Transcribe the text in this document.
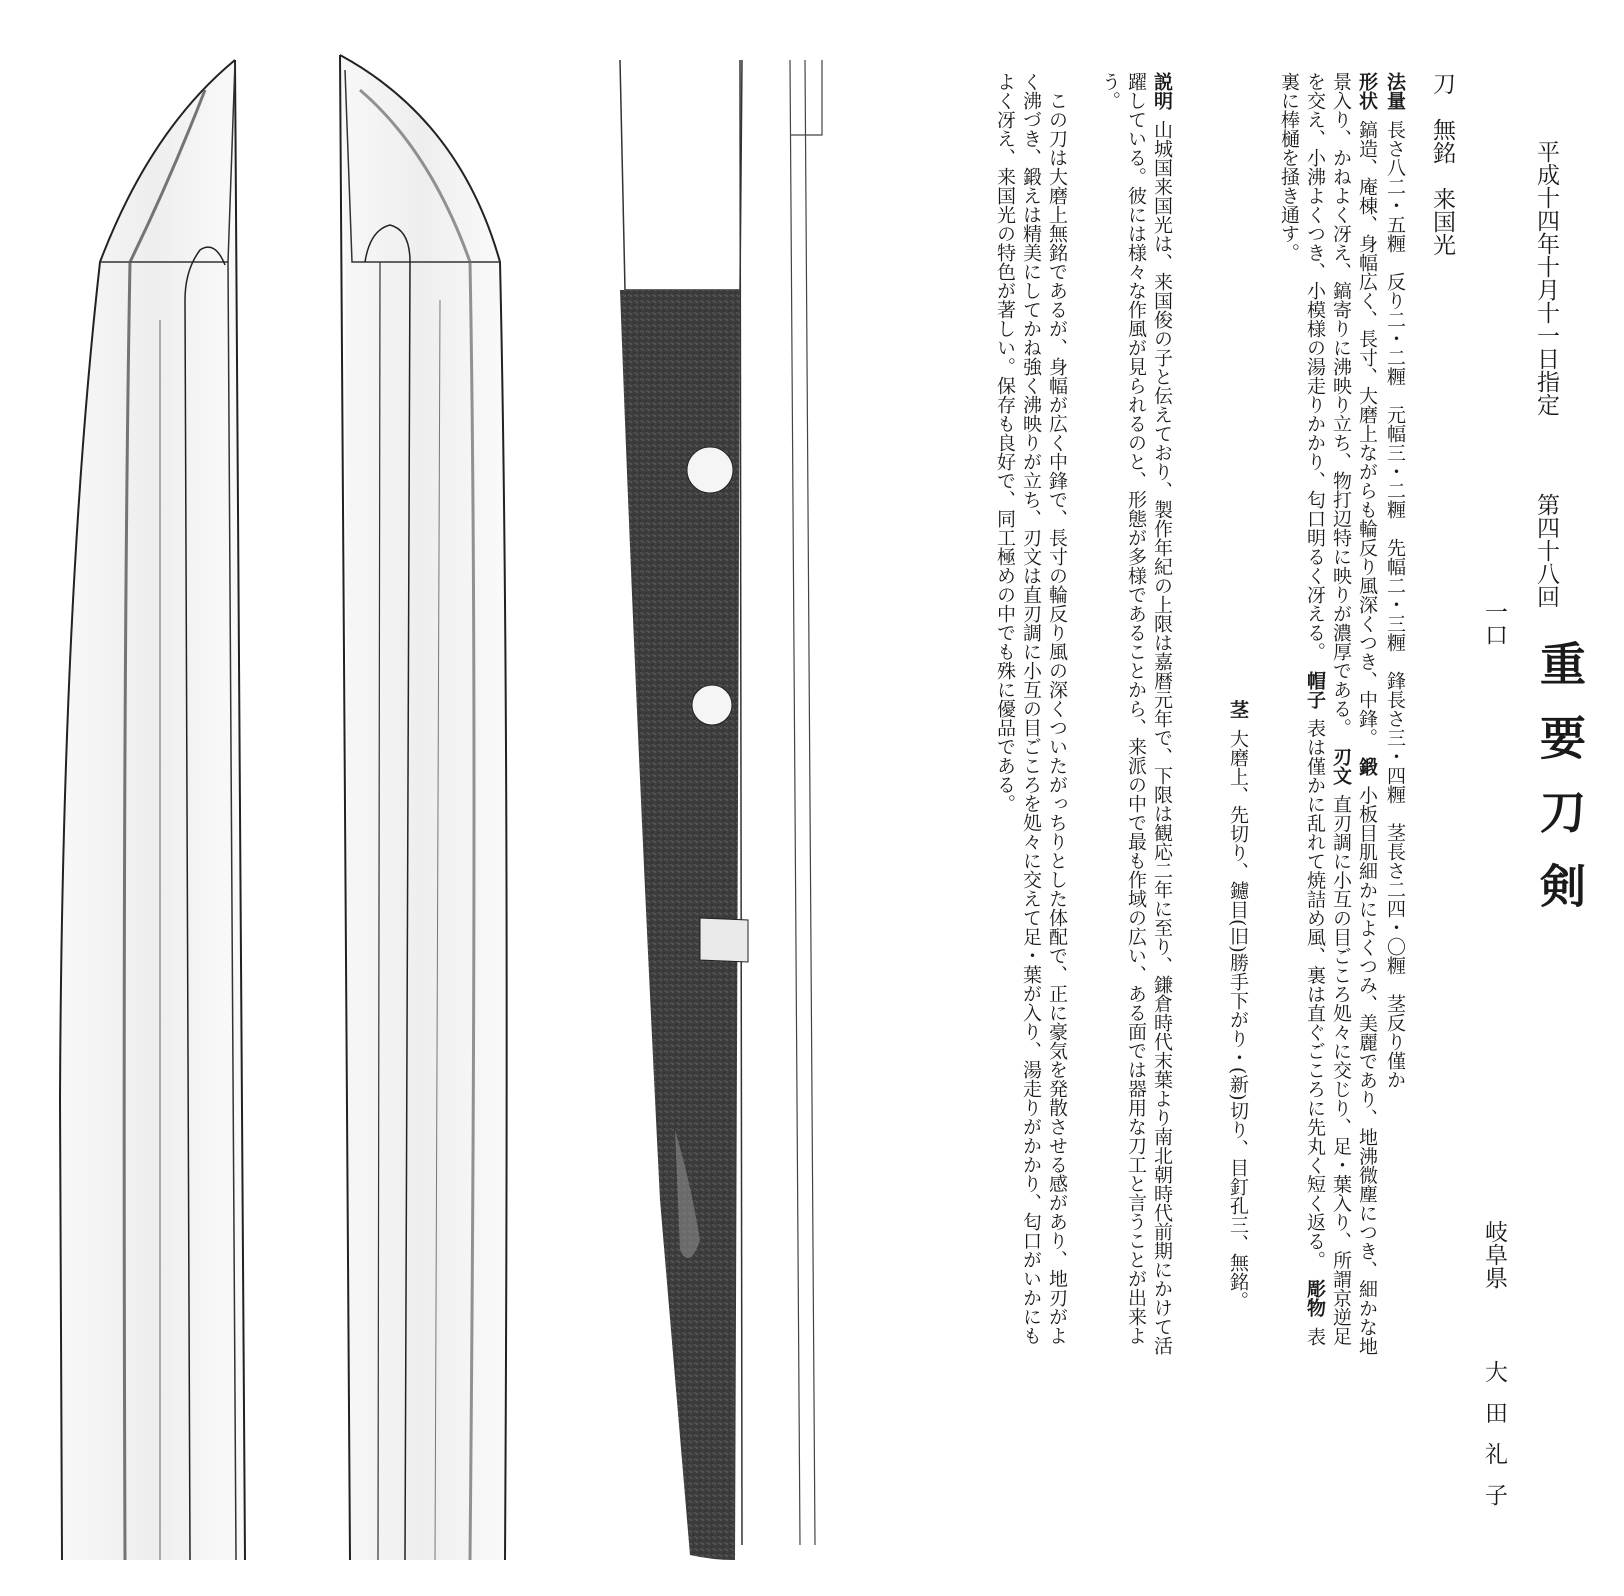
平成十四年十月十一日指定
第四十八回
重要刀剣
岐阜県
大田礼子
一口
刀　無銘　来国光
法量長さ八二・五糎　反り二・二糎　元幅三・二糎　先幅二・三糎　鋒長さ三・四糎　茎長さ二四・〇糎　茎反り僅か
形状鎬造、庵棟、身幅広く、長寸、大磨上ながらも輪反り風深くつき、中鋒。　鍛小板目肌細かによくつみ、美麗であり、地沸微塵につき、細かな地景入り、かねよく冴え、鎬寄りに沸映り立ち、物打辺特に映りが濃厚である。　刃文直刃調に小互の目ごころ処々に交じり、足・葉入り、所謂京逆足を交え、小沸よくつき、小模様の湯走りかかり、匂口明るく冴える。　帽子表は僅かに乱れて焼詰め風、裏は直ぐごころに先丸く短く返る。　彫物表裏に棒樋を掻き通す。
茎大磨上、先切り、鑢目(旧)勝手下がり・(新)切り、目釘孔三、無銘。
説明山城国来国光は、来国俊の子と伝えており、製作年紀の上限は嘉暦元年で、下限は観応二年に至り、鎌倉時代末葉より南北朝時代前期にかけて活躍している。彼には様々な作風が見られるのと、形態が多様であることから、来派の中で最も作域の広い、ある面では器用な刀工と言うことが出来よう。
この刀は大磨上無銘であるが、身幅が広く中鋒で、長寸の輪反り風の深くついたがっちりとした体配で、正に豪気を発散させる感があり、地刃がよく沸づき、鍛えは精美にしてかね強く沸映りが立ち、刃文は直刃調に小互の目ごころを処々に交えて足・葉が入り、湯走りがかかり、匂口がいかにもよく冴え、来国光の特色が著しい。保存も良好で、同工極めの中でも殊に優品である。
